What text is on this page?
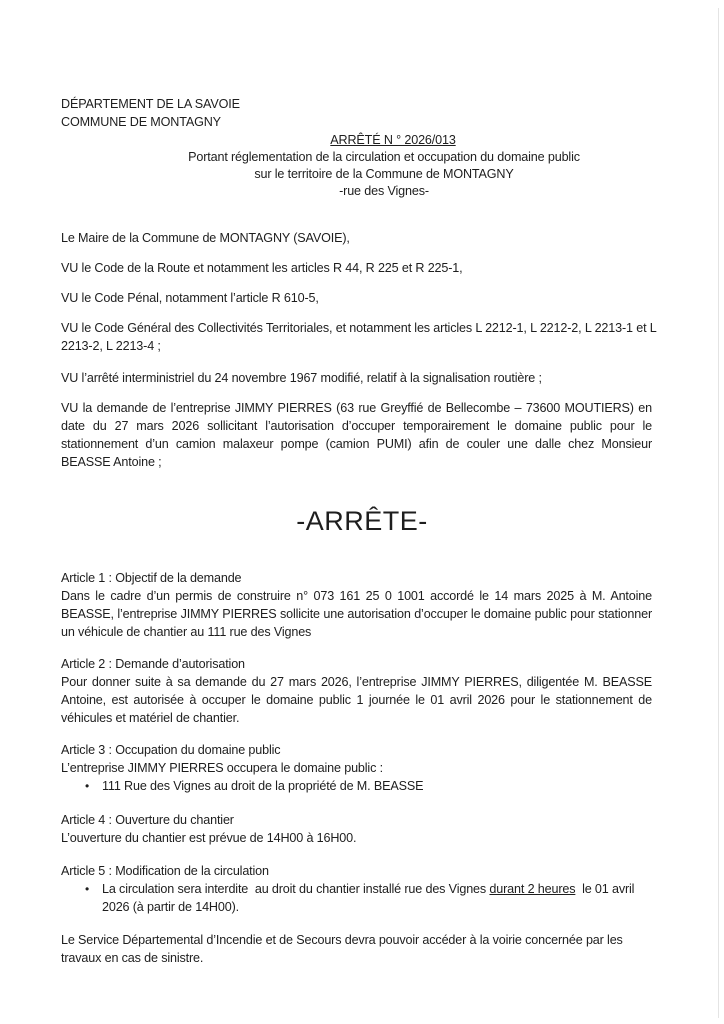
DÉPARTEMENT DE LA SAVOIE
COMMUNE DE MONTAGNY
ARRÊTÉ N ° 2026/013
Portant réglementation de la circulation et occupation du domaine public
sur le territoire de la Commune de MONTAGNY
-rue des Vignes-
Le Maire de la Commune de MONTAGNY (SAVOIE),
VU le Code de la Route et notamment les articles R 44, R 225 et R 225-1,
VU le Code Pénal, notamment l’article R 610-5,
VU le Code Général des Collectivités Territoriales, et notamment les articles L 2212-1, L 2212-2, L 2213-1 et L 2213-2, L 2213-4 ;
VU l’arrêté interministriel du 24 novembre 1967 modifié, relatif à la signalisation routière ;
VU la demande de l’entreprise JIMMY PIERRES (63 rue Greyffié de Bellecombe – 73600 MOUTIERS) en date du 27 mars 2026 sollicitant l’autorisation d’occuper temporairement le domaine public pour le stationnement d’un camion malaxeur pompe (camion PUMI) afin de couler une dalle chez Monsieur BEASSE Antoine ;
-ARRÊTE-
Article 1 : Objectif de la demande
Dans le cadre d’un permis de construire n° 073 161 25 0 1001 accordé le 14 mars 2025 à M. Antoine BEASSE, l’entreprise JIMMY PIERRES sollicite une autorisation d’occuper le domaine public pour stationner un véhicule de chantier au 111 rue des Vignes
Article 2 : Demande d’autorisation
Pour donner suite à sa demande du 27 mars 2026, l’entreprise JIMMY PIERRES, diligentée M. BEASSE Antoine, est autorisée à occuper le domaine public 1 journée le 01 avril 2026 pour le stationnement de véhicules et matériel de chantier.
Article 3 : Occupation du domaine public
L’entreprise JIMMY PIERRES occupera le domaine public :
• 111 Rue des Vignes au droit de la propriété de M. BEASSE
Article 4 : Ouverture du chantier
L’ouverture du chantier est prévue de 14H00 à 16H00.
Article 5 : Modification de la circulation
• La circulation sera interdite  au droit du chantier installé rue des Vignes durant 2 heures  le 01 avril 2026 (à partir de 14H00).
Le Service Départemental d’Incendie et de Secours devra pouvoir accéder à la voirie concernée par les travaux en cas de sinistre.
